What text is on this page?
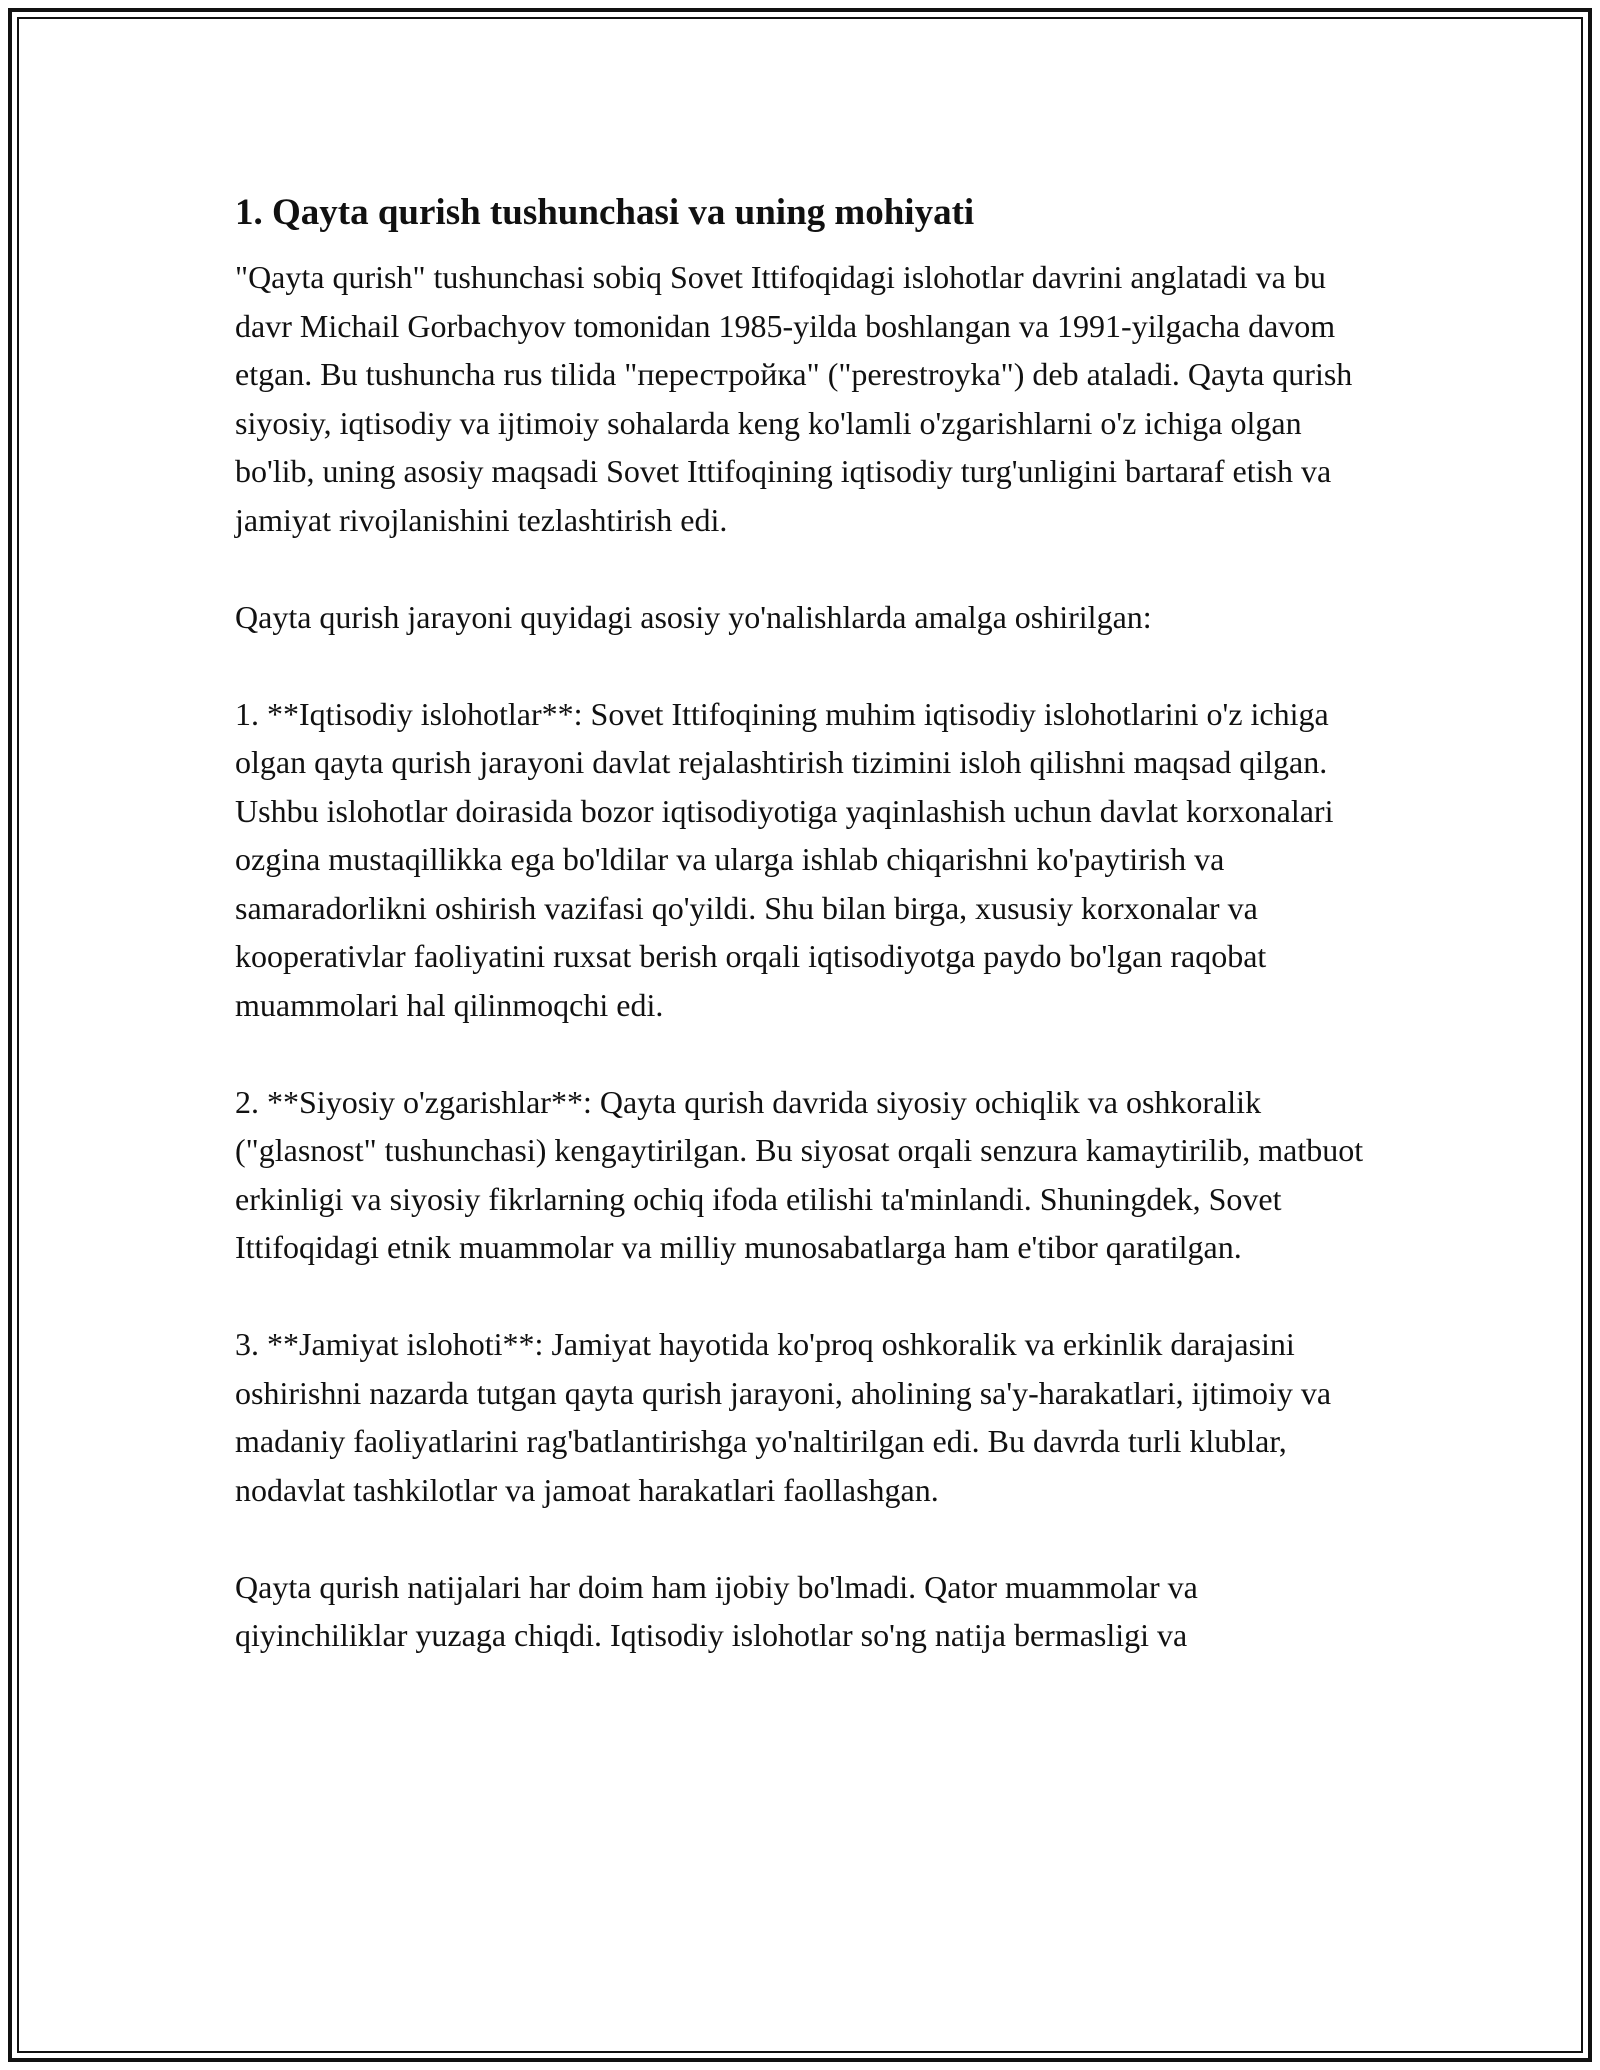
1. Qayta qurish tushunchasi va uning mohiyati

"Qayta qurish" tushunchasi sobiq Sovet Ittifoqidagi islohotlar davrini anglatadi va bu davr Michail Gorbachyov tomonidan 1985-yilda boshlangan va 1991-yilgacha davom etgan. Bu tushuncha rus tilida "перестройка" ("perestroyka") deb ataladi. Qayta qurish siyosiy, iqtisodiy va ijtimoiy sohalarda keng ko'lamli o'zgarishlarni o'z ichiga olgan bo'lib, uning asosiy maqsadi Sovet Ittifoqining iqtisodiy turg'unligini bartaraf etish va jamiyat rivojlanishini tezlashtirish edi.

Qayta qurish jarayoni quyidagi asosiy yo'nalishlarda amalga oshirilgan:

1. **Iqtisodiy islohotlar**: Sovet Ittifoqining muhim iqtisodiy islohotlarini o'z ichiga olgan qayta qurish jarayoni davlat rejalashtirish tizimini isloh qilishni maqsad qilgan. Ushbu islohotlar doirasida bozor iqtisodiyotiga yaqinlashish uchun davlat korxonalari ozgina mustaqillikka ega bo'ldilar va ularga ishlab chiqarishni ko'paytirish va samaradorlikni oshirish vazifasi qo'yildi. Shu bilan birga, xususiy korxonalar va kooperativlar faoliyatini ruxsat berish orqali iqtisodiyotga paydo bo'lgan raqobat muammolari hal qilinmoqchi edi.

2. **Siyosiy o'zgarishlar**: Qayta qurish davrida siyosiy ochiqlik va oshkoralik ("glasnost" tushunchasi) kengaytirilgan. Bu siyosat orqali senzura kamaytirilib, matbuot erkinligi va siyosiy fikrlarning ochiq ifoda etilishi ta'minlandi. Shuningdek, Sovet Ittifoqidagi etnik muammolar va milliy munosabatlarga ham e'tibor qaratilgan.

3. **Jamiyat islohoti**: Jamiyat hayotida ko'proq oshkoralik va erkinlik darajasini oshirishni nazarda tutgan qayta qurish jarayoni, aholining sa'y-harakatlari, ijtimoiy va madaniy faoliyatlarini rag'batlantirishga yo'naltirilgan edi. Bu davrda turli klublar, nodavlat tashkilotlar va jamoat harakatlari faollashgan.

Qayta qurish natijalari har doim ham ijobiy bo'lmadi. Qator muammolar va qiyinchiliklar yuzaga chiqdi. Iqtisodiy islohotlar so'ng natija bermasligi va
